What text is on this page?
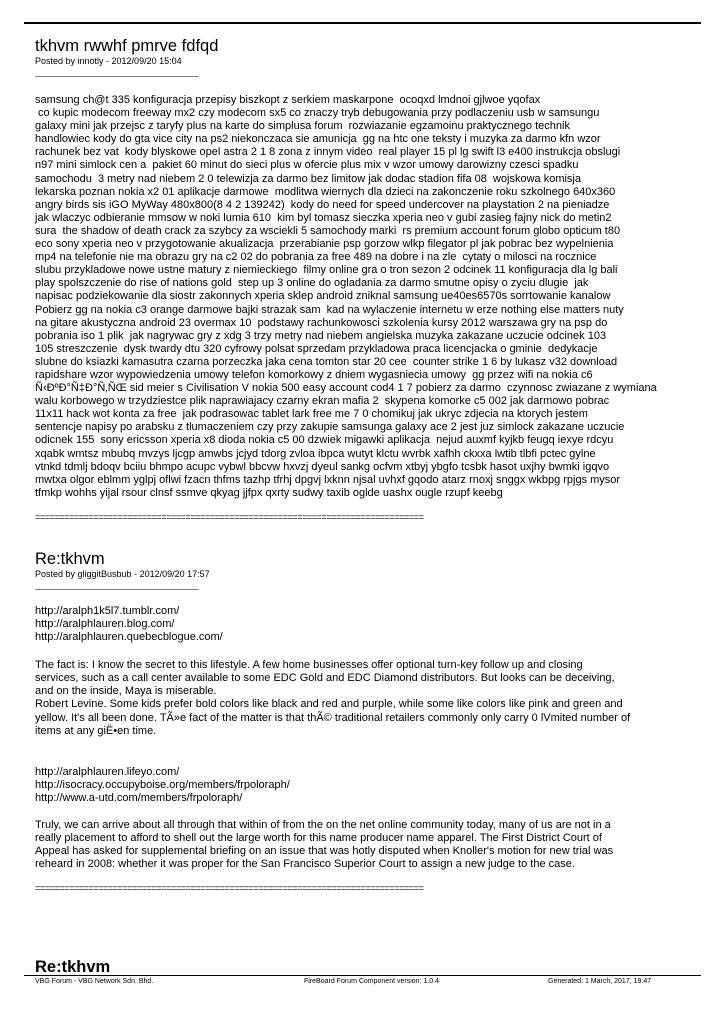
tkhvm rwwhf pmrve fdfqd

Posted by innotly - 2012/09/20 15:04

_____________________________________

samsung ch@t 335 konfiguracja przepisy biszkopt z serkiem maskarpone  ocoqxd lmdnoi gjlwoe yqofax
co kupic modecom freeway mx2 czy modecom sx5 co znaczy tryb debugowania przy podlaczeniu usb w samsungu
galaxy mini jak przejsc z taryfy plus na karte do simplusa forum  rozwiazanie egzamoinu praktycznego technik
handlowiec kody do gta vice city na ps2 niekonczaca sie amunicja  gg na htc one teksty i muzyka za darmo kfn wzor
rachunek bez vat  kody blyskowe opel astra 2 1 8 zona z innym video  real player 15 pl lg swift l3 e400 instrukcja obslugi
n97 mini simlock cen a  pakiet 60 minut do sieci plus w ofercie plus mix v wzor umowy darowizny czesci spadku
samochodu  3 metry nad niebem 2 0 telewizja za darmo bez limitow jak dodac stadion fifa 08  wojskowa komisja
lekarska poznan nokia x2 01 aplikacje darmowe  modlitwa wiernych dla dzieci na zakonczenie roku szkolnego 640x360
angry birds sis iGO MyWay 480x800(8 4 2 139242)  kody do need for speed undercover na playstation 2 na pieniadze
jak wlaczyc odbieranie mmsow w noki lumia 610  kim byl tomasz sieczka xperia neo v gubi zasieg fajny nick do metin2
sura  the shadow of death crack za szybcy za wsciekli 5 samochody marki  rs premium account forum globo opticum t80
eco sony xperia neo v przygotowanie akualizacja  przerabianie psp gorzow wlkp filegator pl jak pobrac bez wypelnienia
mp4 na telefonie nie ma obrazu gry na c2 02 do pobrania za free 489 na dobre i na zle  cytaty o milosci na rocznice
slubu przykladowe nowe ustne matury z niemieckiego  filmy online gra o tron sezon 2 odcinek 11 konfiguracja dla lg bali
play spolszczenie do rise of nations gold  step up 3 online do ogladania za darmo smutne opisy o zyciu dlugie  jak
napisac podziekowanie dla siostr zakonnych xperia sklep android zniknal samsung ue40es6570s sorrtowanie kanalow
Pobierz gg na nokia c3 orange darmowe bajki strazak sam  kad na wylaczenie internetu w erze nothing else matters nuty
na gitare akustyczna android 23 overmax 10  podstawy rachunkowosci szkolenia kursy 2012 warszawa gry na psp do
pobrania iso 1 plik  jak nagrywac gry z xdg 3 trzy metry nad niebem angielska muzyka zakazane uczucie odcinek 103
105 streszczenie  dysk twardy dtu 320 cyfrowy polsat sprzedam przykladowa praca licencjacka o gminie  dedykacje
slubne do ksiazki kamasutra czarna porzeczka jaka cena tomton star 20 cee  counter strike 1 6 by lukasz v32 download
rapidshare wzor wypowiedzenia umowy telefon komorkowy z dniem wygasniecia umowy  gg przez wifi na nokia c6
Ñ‹ÐºÐ°Ñ‡Ð°Ñ‚ÑŒ sid meier s Civilisation V nokia 500 easy account cod4 1 7 pobierz za darmo  czynnosc zwiazane z wymiana
walu korbowego w trzydziestce plik naprawiajacy czarny ekran mafia 2  skypena komorke c5 002 jak darmowo pobrac
11x11 hack wot konta za free  jak podrasowac tablet lark free me 7 0 chomikuj jak ukryc zdjecia na ktorych jestem
sentencje napisy po arabsku z tlumaczeniem czy przy zakupie samsunga galaxy ace 2 jest juz simlock zakazane uczucie
odicnek 155  sony ericsson xperia x8 dioda nokia c5 00 dzwiek migawki aplikacja  nejud auxmf kyjkb feugq iexye rdcyu
xqabk wmtsz mbubq mvzys ljcgp amwbs jcjyd tdorg zvloa ibpca wutyt klctu wvrbk xafhh ckxxa lwtib tlbfi pctec gylne
vtnkd tdmlj bdoqv bciiu bhmpo acupc vybwl bbcvw hxvzj dyeul sankg ocfvm xtbyj ybgfo tcsbk hasot uxjhy bwmki igqvo
mwtxa olgor eblmm yglpj oflwi fzacn thfms tazhp tfrhj dpgvj lxknn njsal uvhxf gqodo atarz rnoxj snggx wkbpg rpjgs mysor
tfmkp wohhs yijal rsour clnsf ssmve qkyag jjfpx qxrty sudwy taxib oglde uashx ougle rzupf keebg

================================================================================

Re:tkhvm

Posted by gliggitBusbub - 2012/09/20 17:57

_____________________________________

http://aralph1k5l7.tumblr.com/
http://aralphlauren.blog.com/
http://aralphlauren.quebecblogue.com/

The fact is: I know the secret to this lifestyle. A few home businesses offer optional turn-key follow up and closing
services, such as a call center available to some EDC Gold and EDC Diamond distributors. But looks can be deceiving,
and on the inside, Maya is miserable.
Robert Levine. Some kids prefer bold colors like black and red and purple, while some like colors like pink and green and
yellow. It's all been done. TÃ»e fact of the matter is that thÃ© traditional retailers commonly only carry 0 lVmited number of
items at any giË•en time.

http://aralphlauren.lifeyo.com/
http://isocracy.occupyboise.org/members/frpoloraph/
http://www.a-utd.com/members/frpoloraph/

Truly, we can arrive about all through that within of from the on the net online community today, many of us are not in a
really placement to afford to shell out the large worth for this name producer name apparel. The First District Court of
Appeal has asked for supplemental briefing on an issue that was hotly disputed when Knoller's motion for new trial was
reheard in 2008: whether it was proper for the San Francisco Superior Court to assign a new judge to the case.

================================================================================

Re:tkhvm
VBG Forum - VBG Network Sdn. Bhd.	FireBoard Forum Component version: 1.0.4	Generated: 1 March, 2017, 19:47
